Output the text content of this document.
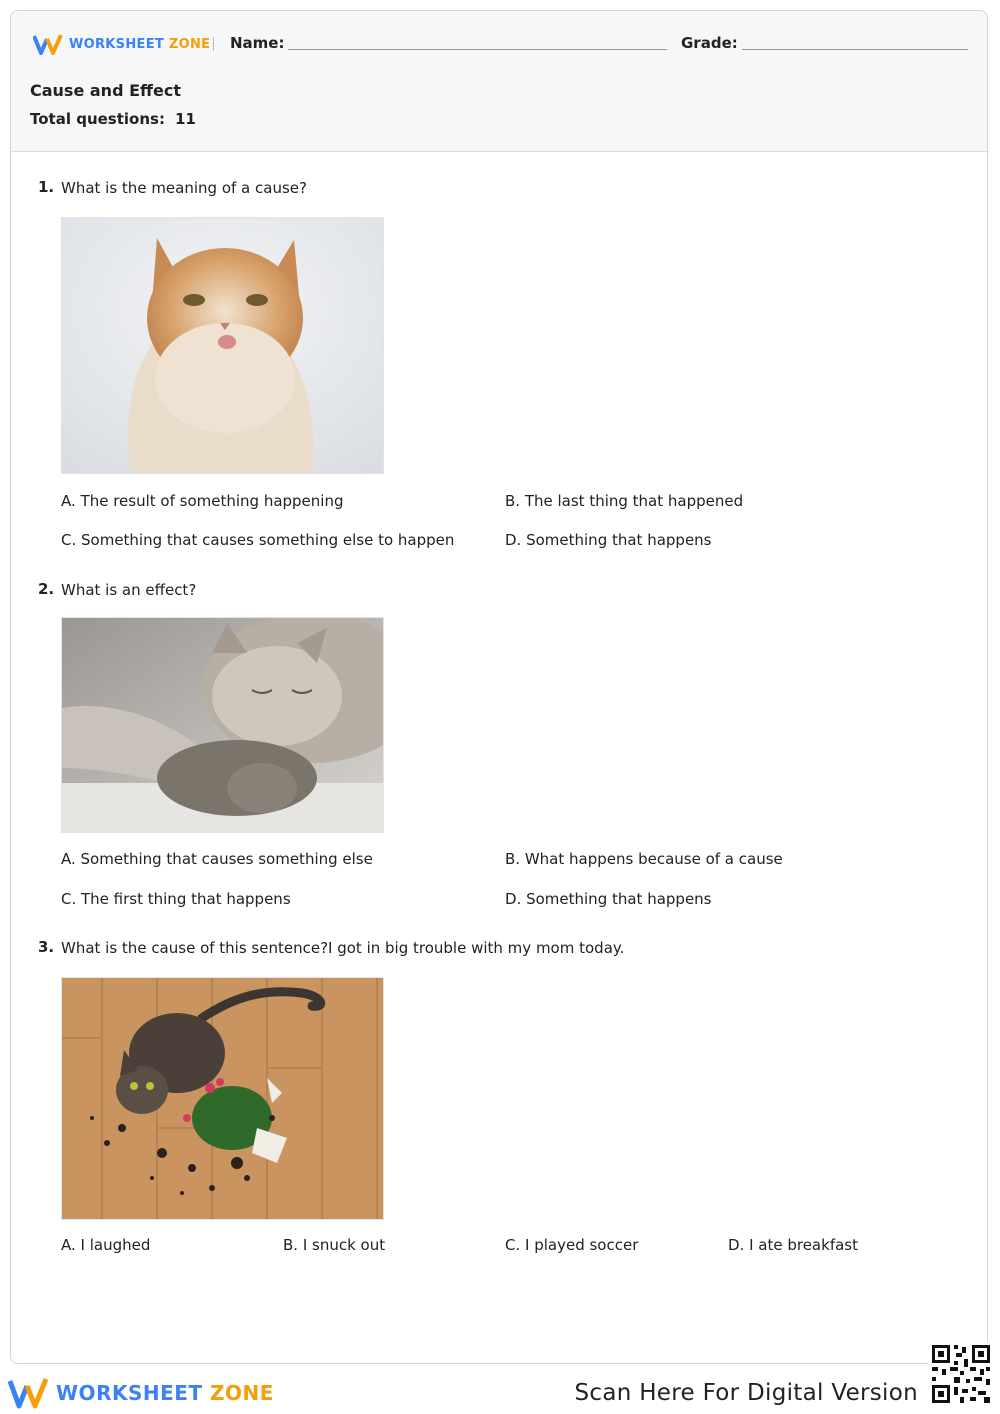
WORKSHEET ZONE Name:	Grade:
Cause and Effect
Total questions: 11
1. What is the meaning of a cause?
A. The result of something happening	B. The last thing that happened
C. Something that causes something else to happen	D. Something that happens
2. What is an effect?
A. Something that causes something else	B. What happens because of a cause
C. The first thing that happens	D. Something that happens
3. What is the cause of this sentence?I got in big trouble with my mom today.
A. I laughed	B. I snuck out	C. I played soccer	D. I ate breakfast
WORKSHEET ZONE	Scan Here For Digital Version
